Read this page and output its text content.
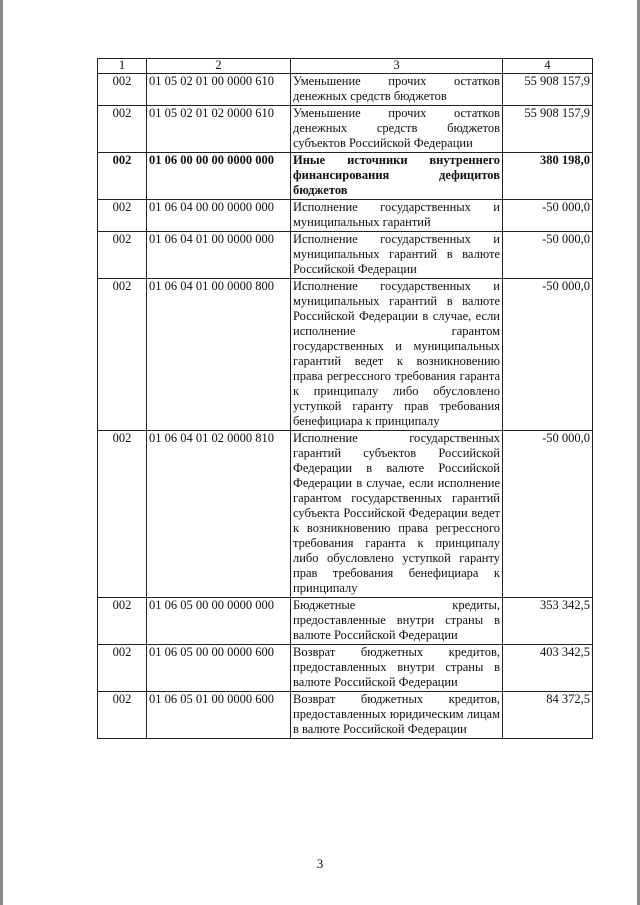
1	2	3	4
002	01 05 02 01 00 0000 610	Уменьшение прочих остатков денежных средств бюджетов	55 908 157,9
002	01 05 02 01 02 0000 610	Уменьшение прочих остатков денежных средств бюджетов субъектов Российской Федерации	55 908 157,9
002	01 06 00 00 00 0000 000	Иные источники внутреннего финансирования дефицитов бюджетов	380 198,0
002	01 06 04 00 00 0000 000	Исполнение государственных и муниципальных гарантий	-50 000,0
002	01 06 04 01 00 0000 000	Исполнение государственных и муниципальных гарантий в валюте Российской Федерации	-50 000,0
002	01 06 04 01 00 0000 800	Исполнение государственных и муниципальных гарантий в валюте Российской Федерации в случае, если исполнение гарантом государственных и муниципальных гарантий ведет к возникновению права регрессного требования гаранта к принципалу либо обусловлено уступкой гаранту прав требования бенефициара к принципалу	-50 000,0
002	01 06 04 01 02 0000 810	Исполнение государственных гарантий субъектов Российской Федерации в валюте Российской Федерации в случае, если исполнение гарантом государственных гарантий субъекта Российской Федерации ведет к возникновению права регрессного требования гаранта к принципалу либо обусловлено уступкой гаранту прав требования бенефициара к принципалу	-50 000,0
002	01 06 05 00 00 0000 000	Бюджетные кредиты, предоставленные внутри страны в валюте Российской Федерации	353 342,5
002	01 06 05 00 00 0000 600	Возврат бюджетных кредитов, предоставленных внутри страны в валюте Российской Федерации	403 342,5
002	01 06 05 01 00 0000 600	Возврат бюджетных кредитов, предоставленных юридическим лицам в валюте Российской Федерации	84 372,5
3
